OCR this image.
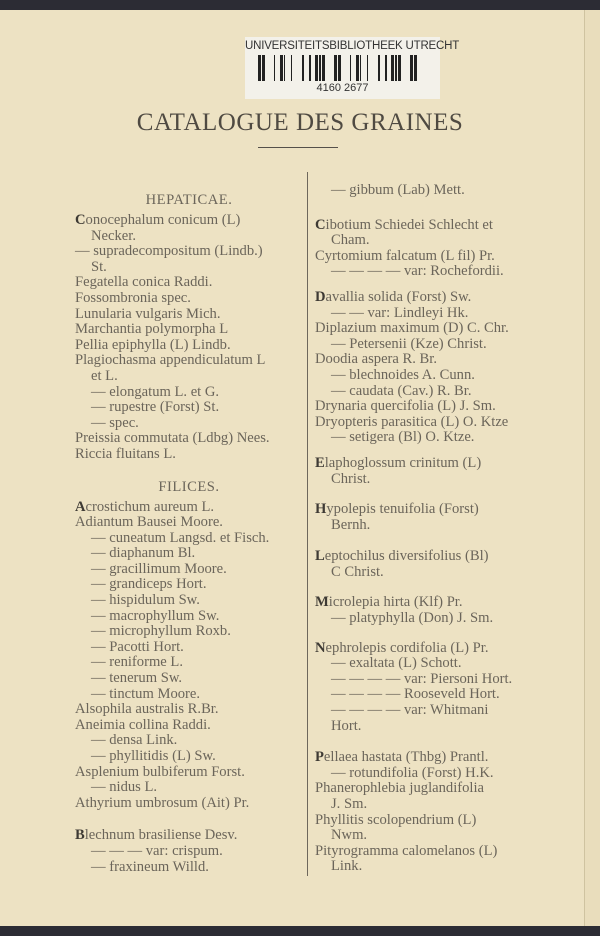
UNIVERSITEITSBIBLIOTHEEK UTRECHT
4160 2677
CATALOGUE DES GRAINES
HEPATICAE.
Conocephalum conicum (L)
Necker.
— supradecompositum (Lindb.)
St.
Fegatella conica Raddi.
Fossombronia spec.
Lunularia vulgaris Mich.
Marchantia polymorpha L
Pellia epiphylla (L) Lindb.
Plagiochasma appendiculatum L
et L.
— elongatum L. et G.
— rupestre (Forst) St.
— spec.
Preissia commutata (Ldbg) Nees.
Riccia fluitans L.
FILICES.
Acrostichum aureum L.
Adiantum Bausei Moore.
— cuneatum Langsd. et Fisch.
— diaphanum Bl.
— gracillimum Moore.
— grandiceps Hort.
— hispidulum Sw.
— macrophyllum Sw.
— microphyllum Roxb.
— Pacotti Hort.
— reniforme L.
— tenerum Sw.
— tinctum Moore.
Alsophila australis R.Br.
Aneimia collina Raddi.
— densa Link.
— phyllitidis (L) Sw.
Asplenium bulbiferum Forst.
— nidus L.
Athyrium umbrosum (Ait) Pr.
Blechnum brasiliense Desv.
— — — var: crispum.
— fraxineum Willd.
— gibbum (Lab) Mett.
Cibotium Schiedei Schlecht et
Cham.
Cyrtomium falcatum (L fil) Pr.
— — — — var: Rochefordii.
Davallia solida (Forst) Sw.
— — var: Lindleyi Hk.
Diplazium maximum (D) C. Chr.
— Petersenii (Kze) Christ.
Doodia aspera R. Br.
— blechnoides A. Cunn.
— caudata (Cav.) R. Br.
Drynaria quercifolia (L) J. Sm.
Dryopteris parasitica (L) O. Ktze
— setigera (Bl) O. Ktze.
Elaphoglossum crinitum (L)
Christ.
Hypolepis tenuifolia (Forst)
Bernh.
Leptochilus diversifolius (Bl)
C Christ.
Microlepia hirta (Klf) Pr.
— platyphylla (Don) J. Sm.
Nephrolepis cordifolia (L) Pr.
— exaltata (L) Schott.
— — — — var: Piersoni Hort.
— — — — Rooseveld Hort.
— — — — var: Whitmani
Hort.
Pellaea hastata (Thbg) Prantl.
— rotundifolia (Forst) H.K.
Phanerophlebia juglandifolia
J. Sm.
Phyllitis scolopendrium (L)
Nwm.
Pityrogramma calomelanos (L)
Link.
